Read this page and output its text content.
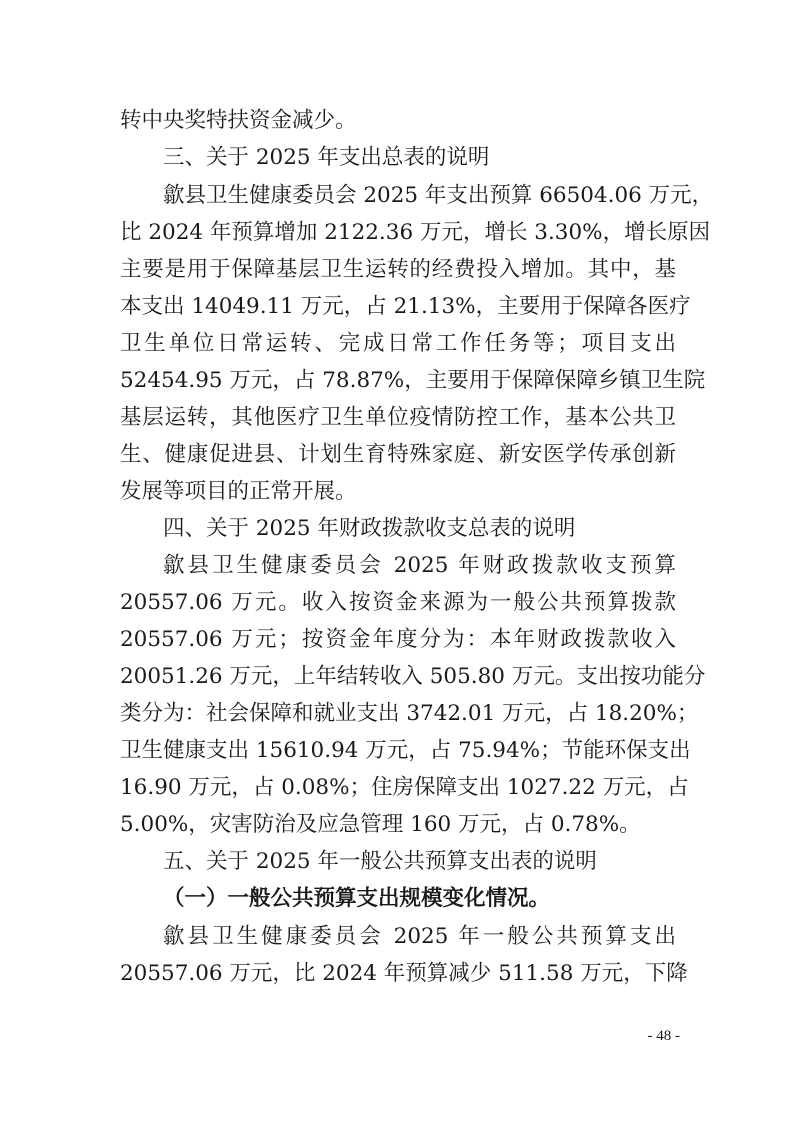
转中央奖特扶资金减少。
三、关于 2025 年支出总表的说明
歙县卫生健康委员会 2025 年支出预算 66504.06 万元，
比 2024 年预算增加 2122.36 万元，增长 3.30%，增长原因
主要是用于保障基层卫生运转的经费投入增加。其中，基
本支出 14049.11 万元，占 21.13%，主要用于保障各医疗
卫生单位日常运转、完成日常工作任务等；项目支出
52454.95 万元，占 78.87%，主要用于保障保障乡镇卫生院
基层运转，其他医疗卫生单位疫情防控工作，基本公共卫
生、健康促进县、计划生育特殊家庭、新安医学传承创新
发展等项目的正常开展。
四、关于 2025 年财政拨款收支总表的说明
歙县卫生健康委员会 2025 年财政拨款收支预算
20557.06 万元。收入按资金来源为一般公共预算拨款
20557.06 万元；按资金年度分为：本年财政拨款收入
20051.26 万元，上年结转收入 505.80 万元。支出按功能分
类分为：社会保障和就业支出 3742.01 万元，占 18.20%；
卫生健康支出 15610.94 万元，占 75.94%；节能环保支出
16.90 万元，占 0.08%；住房保障支出 1027.22 万元，占
5.00%，灾害防治及应急管理 160 万元，占 0.78%。
五、关于 2025 年一般公共预算支出表的说明
（一）一般公共预算支出规模变化情况。
歙县卫生健康委员会 2025 年一般公共预算支出
20557.06 万元，比 2024 年预算减少 511.58 万元，下降
- 48 -
